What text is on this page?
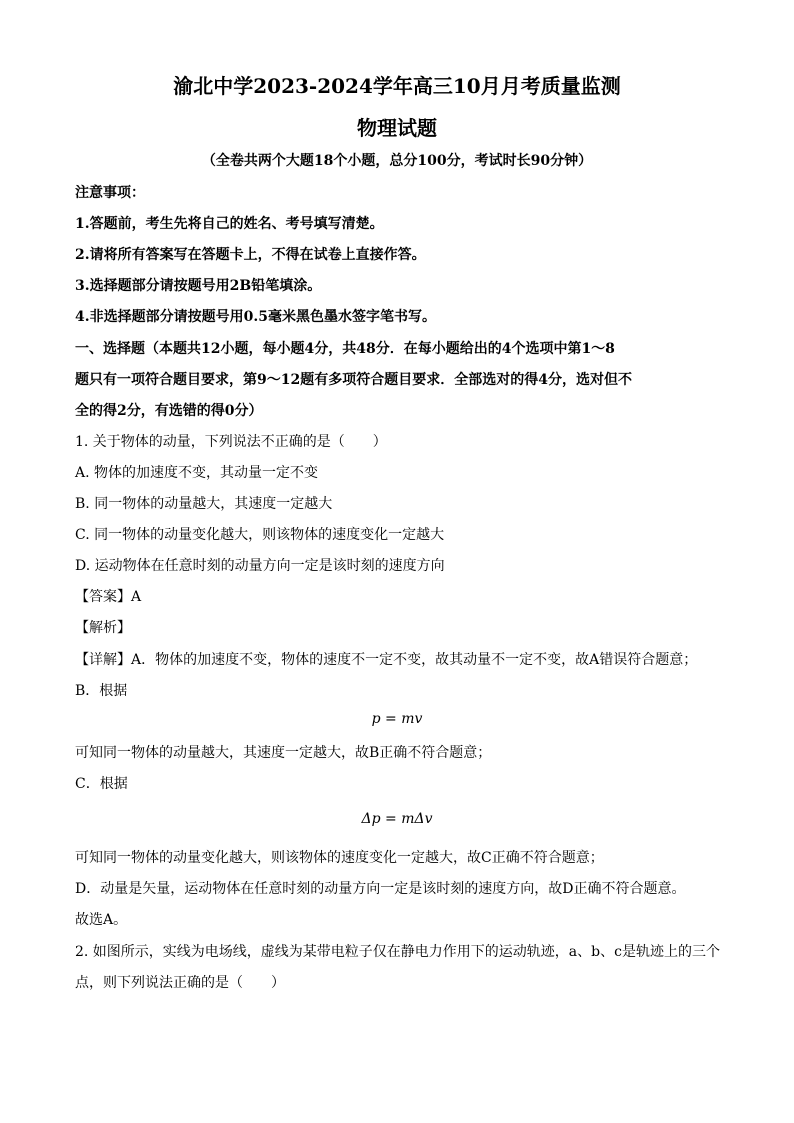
渝北中学2023-2024学年高三10月月考质量监测
物理试题
（全卷共两个大题18个小题，总分100分，考试时长90分钟）
注意事项：
1.答题前，考生先将自己的姓名、考号填写清楚。
2.请将所有答案写在答题卡上，不得在试卷上直接作答。
3.选择题部分请按题号用2B铅笔填涂。
4.非选择题部分请按题号用0.5毫米黑色墨水签字笔书写。
一、选择题（本题共12小题，每小题4分，共48分．在每小题给出的4个选项中第1～8
题只有一项符合题目要求，第9～12题有多项符合题目要求．全部选对的得4分，选对但不
全的得2分，有选错的得0分）
1. 关于物体的动量，下列说法不正确的是（　　）
A. 物体的加速度不变，其动量一定不变
B. 同一物体的动量越大，其速度一定越大
C. 同一物体的动量变化越大，则该物体的速度变化一定越大
D. 运动物体在任意时刻的动量方向一定是该时刻的速度方向
【答案】A
【解析】
【详解】A．物体的加速度不变，物体的速度不一定不变，故其动量不一定不变，故A错误符合题意；
B．根据
p = mv
可知同一物体的动量越大，其速度一定越大，故B正确不符合题意；
C．根据
Δp = mΔv
可知同一物体的动量变化越大，则该物体的速度变化一定越大，故C正确不符合题意；
D．动量是矢量，运动物体在任意时刻的动量方向一定是该时刻的速度方向，故D正确不符合题意。
故选A。
2. 如图所示，实线为电场线，虚线为某带电粒子仅在静电力作用下的运动轨迹，a、b、c是轨迹上的三个
点，则下列说法正确的是（　　）
